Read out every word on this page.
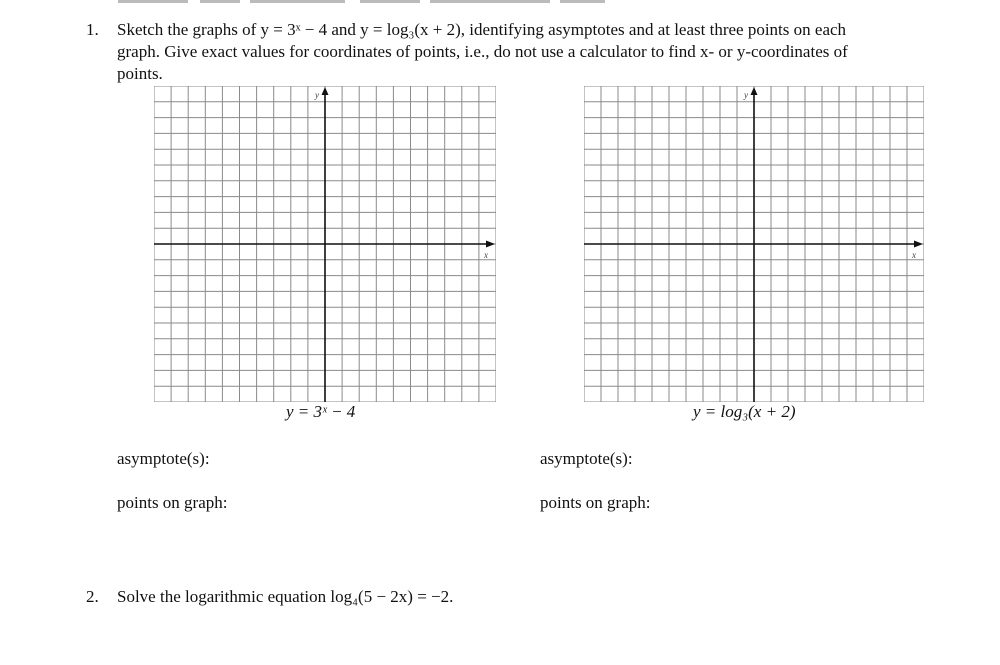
1. Sketch the graphs of y = 3ˣ − 4 and y = log₃(x + 2), identifying asymptotes and at least three points on each
graph. Give exact values for coordinates of points, i.e., do not use a calculator to find x- or y-coordinates of
points.
y
x
y = 3ˣ − 4
y
x
y = log₃(x + 2)
asymptote(s):	asymptote(s):
points on graph:	points on graph:
2. Solve the logarithmic equation log₄(5 − 2x) = −2.
